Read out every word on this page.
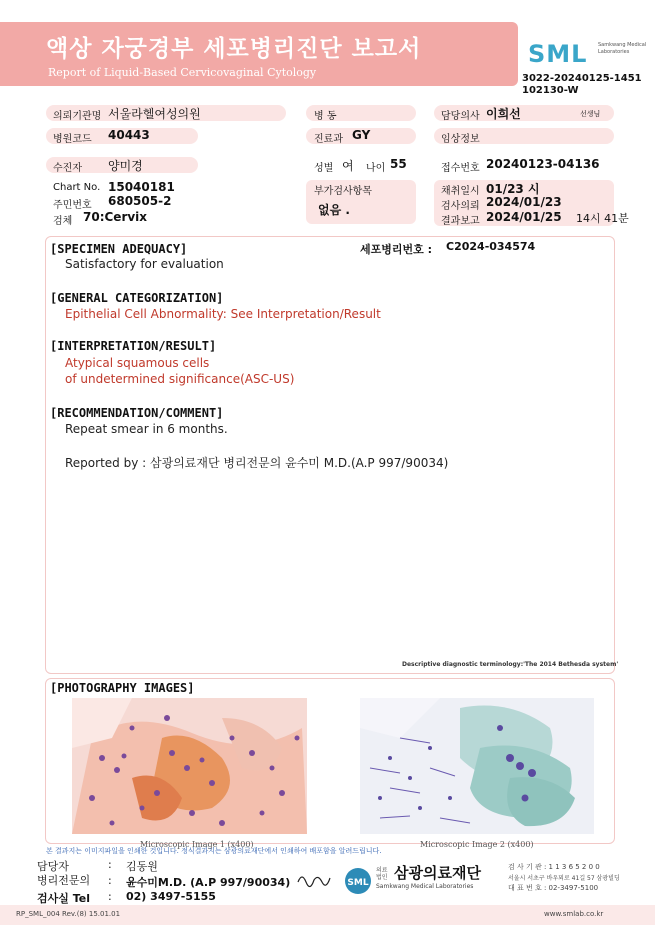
액상 자궁경부 세포병리진단 보고서
Report of Liquid-Based Cervicovaginal Cytology
SML Samkwang Medical Laboratories
3022-20240125-1451
102130-W
의뢰기관명 서울라헬여성의원	병 동	담당의사 이희선	선생님
병원코드 40443	진료과 GY	임상정보
수진자 양미경	성별 여 나이 55	접수번호 20240123-04136
Chart No. 15040181
주민번호 680505-2
검체 70:Cervix
부가검사항목
없음 .
채취일시 01/23 시
검사의뢰 2024/01/23
결과보고 2024/01/25 14시 41분
세포병리번호 : C2024-034574
[SPECIMEN ADEQUACY]
Satisfactory for evaluation
[GENERAL CATEGORIZATION]
Epithelial Cell Abnormality: See Interpretation/Result
[INTERPRETATION/RESULT]
Atypical squamous cells
of undetermined significance(ASC-US)
[RECOMMENDATION/COMMENT]
Repeat smear in 6 months.
Reported by : 삼광의료재단 병리전문의 윤수미 M.D.(A.P 997/90034)
Descriptive diagnostic terminology:'The 2014 Bethesda system'
[PHOTOGRAPHY IMAGES]
Microscopic Image 1 (x400)	Microscopic Image 2 (x400)
본 결과지는 이미지파일을 인쇄한 것입니다. 정식결과지는 삼광의료재단에서 인쇄하여 배포함을 알려드립니다.
담당자	: 김동원
병리전문의 : 윤수미M.D. (A.P 997/90034)
검사실 Tel : 02) 3497-5155
SML
의료법인 삼광의료재단
Samkwang Medical Laboratories
검 사 기 관 : 1 1 3 6 5 2 0 0
서울시 서초구 바우뫼로 41길 57 삼광빌딩
대 표 번 호 : 02-3497-5100
RP_SML_004 Rev.(8) 15.01.01	www.smlab.co.kr
